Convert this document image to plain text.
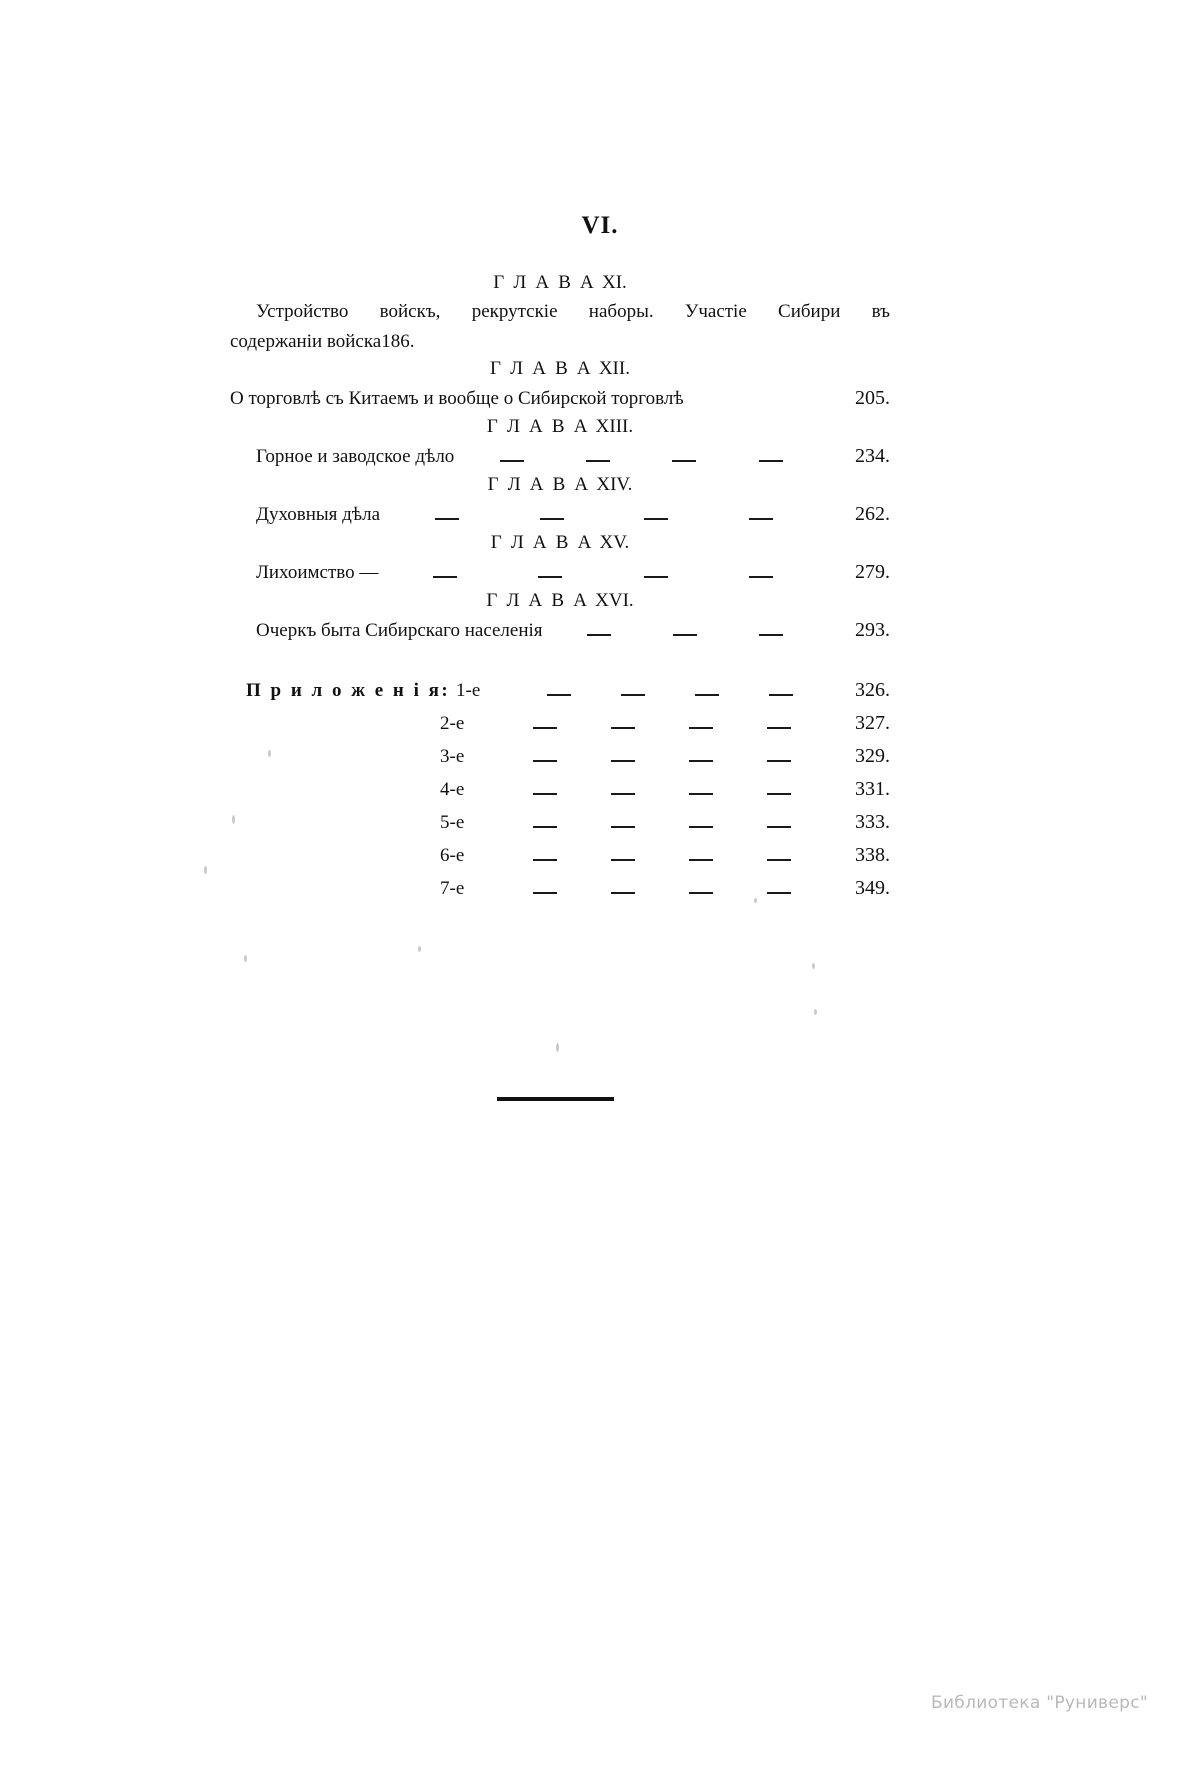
VI.
Г Л А В А XI.
Устройство войскъ, рекрутскіе наборы. Участіе Сибири въ
содержаніи войска 186.
Г Л А В А XII.
О торговлѣ съ Китаемъ и вообще о Сибирской торговлѣ	205.
Г Л А В А XIII.
Горное и заводское дѣло	234.
Г Л А В А XIV.
Духовныя дѣла	262.
Г Л А В А XV.
Лихоимство —	279.
Г Л А В А XVI.
Очеркъ быта Сибирскаго населенія	293.
П р и л о ж е н і я: 1-е	326.
2-е	327.
3-е	329.
4-е	331.
5-е	333.
6-е	338.
7-е	349.
Библиотека "Руниверс"
